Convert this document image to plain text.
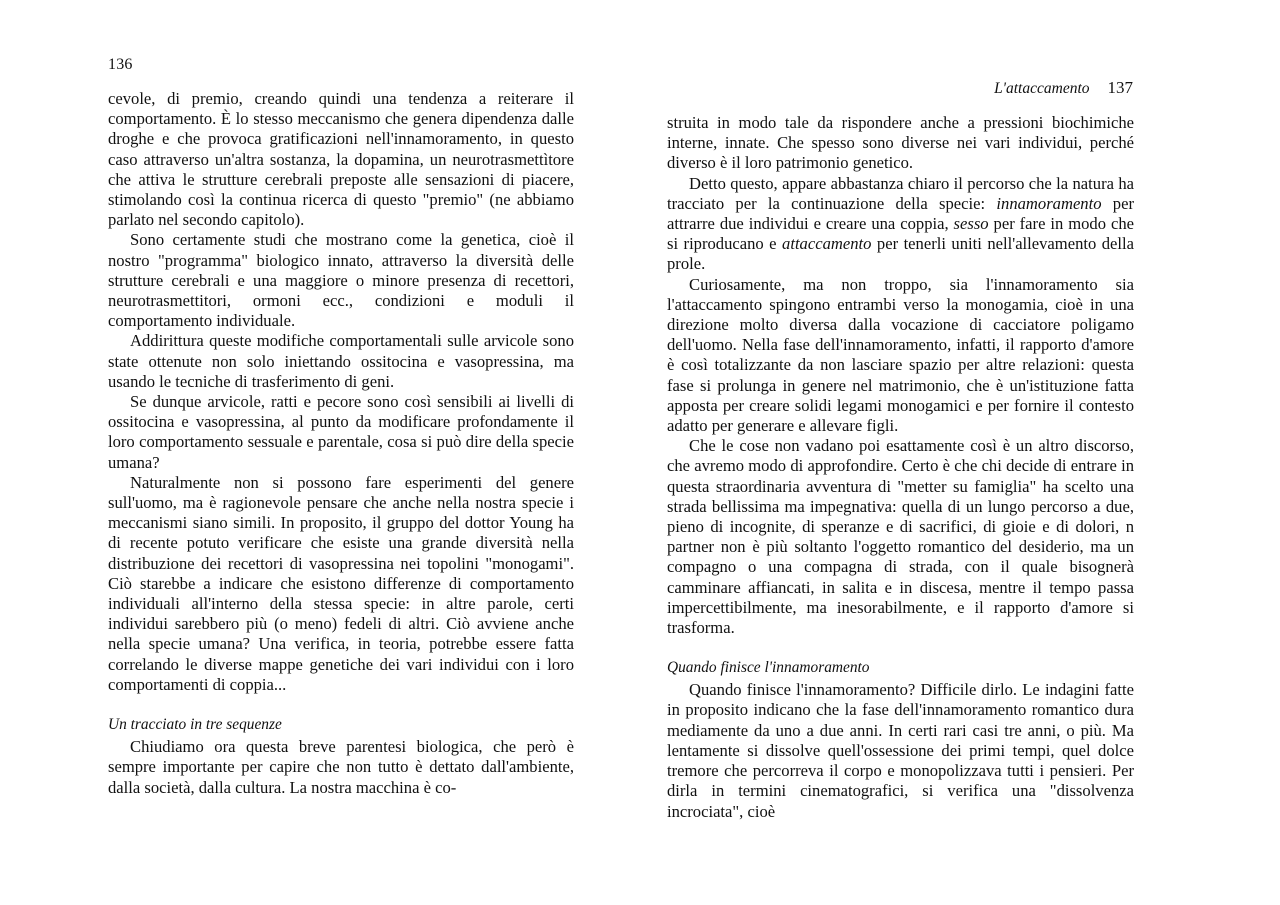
136

cevole, di premio, creando quindi una tendenza a reiterare il comportamento. È lo stesso meccanismo che genera dipendenza dalle droghe e che provoca gratificazioni nell'innamoramento, in questo caso attraverso un'altra sostanza, la dopamina, un neurotrasmettìtore che attiva le strutture cerebrali preposte alle sensazioni di piacere, stimolando così la continua ricerca di questo "premio" (ne abbiamo parlato nel secondo capitolo).

Sono certamente studi che mostrano come la genetica, cioè il nostro "programma" biologico innato, attraverso la diversità delle strutture cerebrali e una maggiore o minore presenza di recettori, neurotrasmettitori, ormoni ecc., condizioni e moduli il comportamento individuale.

Addirittura queste modifiche comportamentali sulle arvicole sono state ottenute non solo iniettando ossitocina e vasopressina, ma usando le tecniche di trasferimento di geni.

Se dunque arvicole, ratti e pecore sono così sensibili ai livelli di ossitocina e vasopressina, al punto da modificare profondamente il loro comportamento sessuale e parentale, cosa si può dire della specie umana?

Naturalmente non si possono fare esperimenti del genere sull'uomo, ma è ragionevole pensare che anche nella nostra specie i meccanismi siano simili. In proposito, il gruppo del dottor Young ha di recente potuto verificare che esiste una grande diversità nella distribuzione dei recettori di vasopressina nei topolini "monogami". Ciò starebbe a indicare che esistono differenze di comportamento individuali all'interno della stessa specie: in altre parole, certi individui sarebbero più (o meno) fedeli di altri. Ciò avviene anche nella specie umana? Una verifica, in teoria, potrebbe essere fatta correlando le diverse mappe genetiche dei vari individui con i loro comportamenti di coppia...

Un tracciato in tre sequenze

Chiudiamo ora questa breve parentesi biologica, che però è sempre importante per capire che non tutto è dettato dall'ambiente, dalla società, dalla cultura. La nostra macchina è co-

L'attaccamento 137

struita in modo tale da rispondere anche a pressioni biochimiche interne, innate. Che spesso sono diverse nei vari individui, perché diverso è il loro patrimonio genetico.

Detto questo, appare abbastanza chiaro il percorso che la natura ha tracciato per la continuazione della specie: innamoramento per attrarre due individui e creare una coppia, sesso per fare in modo che si riproducano e attaccamento per tenerli uniti nell'allevamento della prole.

Curiosamente, ma non troppo, sia l'innamoramento sia l'attaccamento spingono entrambi verso la monogamia, cioè in una direzione molto diversa dalla vocazione di cacciatore poligamo dell'uomo. Nella fase dell'innamoramento, infatti, il rapporto d'amore è così totalizzante da non lasciare spazio per altre relazioni: questa fase si prolunga in genere nel matrimonio, che è un'istituzione fatta apposta per creare solidi legami monogamici e per fornire il contesto adatto per generare e allevare figli.

Che le cose non vadano poi esattamente così è un altro discorso, che avremo modo di approfondire. Certo è che chi decide di entrare in questa straordinaria avventura di "metter su famiglia" ha scelto una strada bellissima ma impegnativa: quella di un lungo percorso a due, pieno di incognite, di speranze e di sacrifici, di gioie e di dolori, n partner non è più soltanto l'oggetto romantico del desiderio, ma un compagno o una compagna di strada, con il quale bisognerà camminare affiancati, in salita e in discesa, mentre il tempo passa impercettibilmente, ma inesorabilmente, e il rapporto d'amore si trasforma.

Quando finisce l'innamoramento

Quando finisce l'innamoramento? Difficile dirlo. Le indagini fatte in proposito indicano che la fase dell'innamoramento romantico dura mediamente da uno a due anni. In certi rari casi tre anni, o più. Ma lentamente si dissolve quell'ossessione dei primi tempi, quel dolce tremore che percorreva il corpo e monopolizzava tutti i pensieri. Per dirla in termini cinematografici, si verifica una "dissolvenza incrociata", cioè
